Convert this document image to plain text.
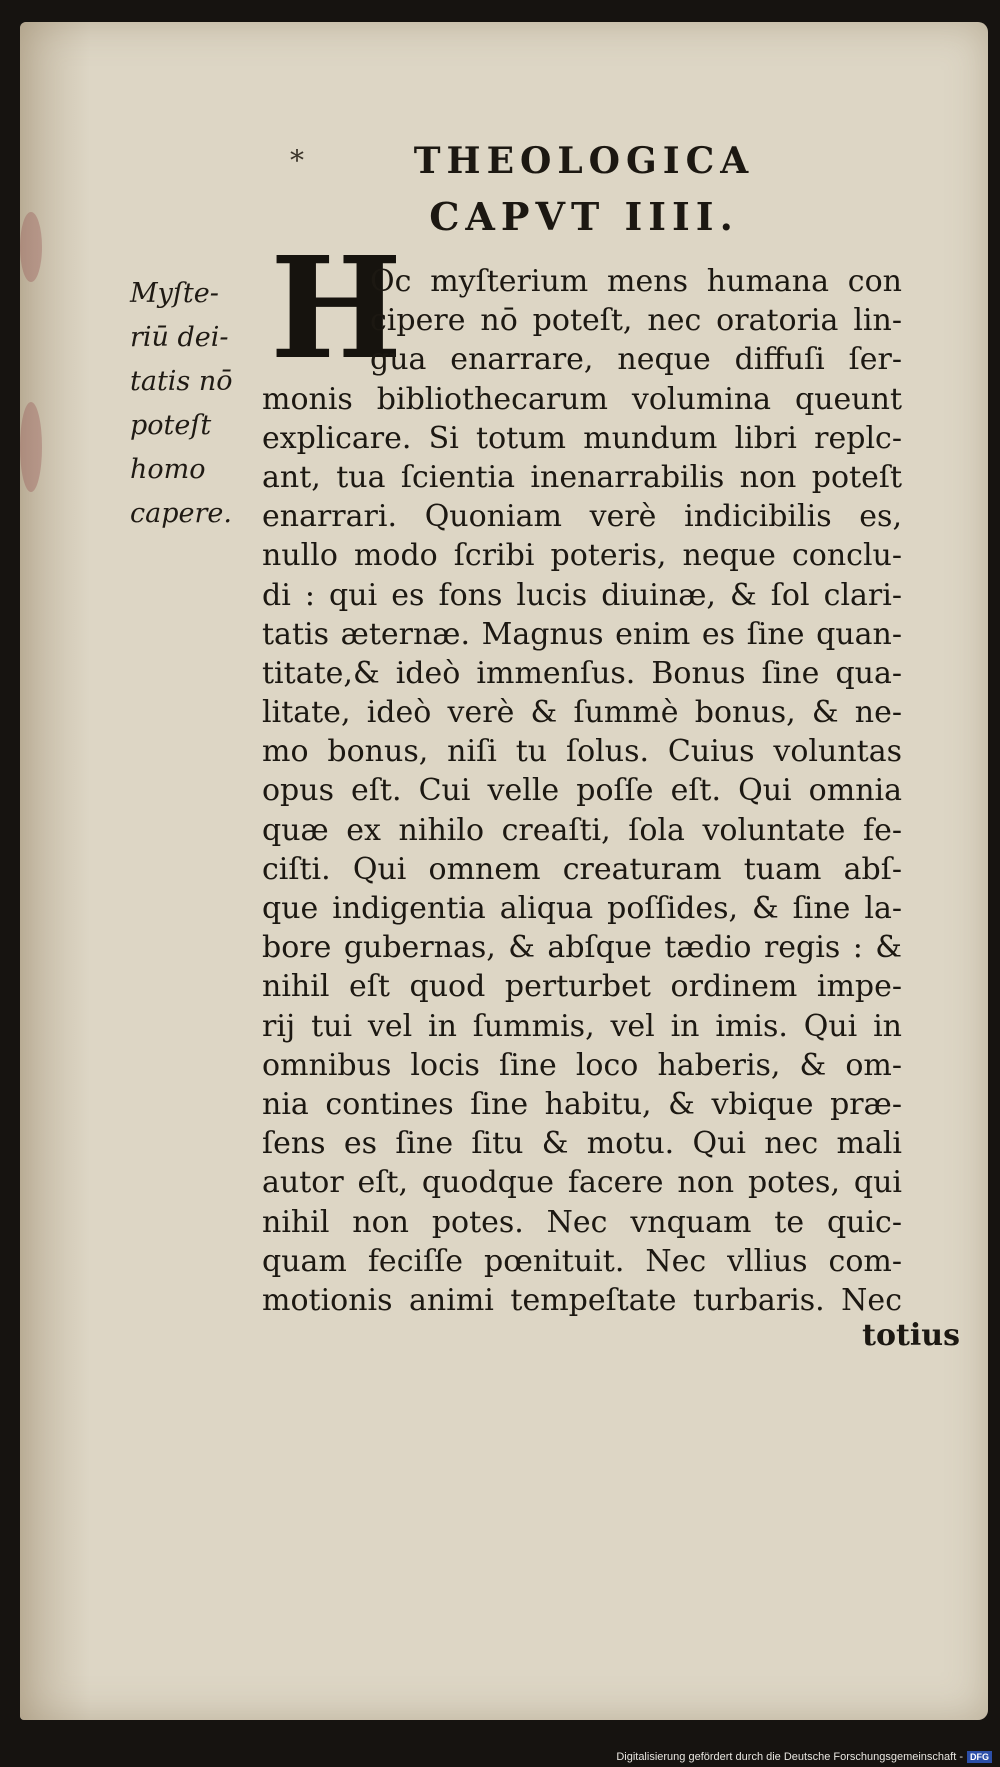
*	THEOLOGICA
CAPVT IIII.
Myſte-
riū dei-
tatis nō
poteſt
homo
capere.
H
Oc myſterium mens humana con
cipere nō poteſt, nec oratoria lin-
gua enarrare, neque diffuſi ſer-
monis bibliothecarum volumina queunt
explicare. Si totum mundum libri replc-
ant, tua ſcientia inenarrabilis non poteſt
enarrari. Quoniam verè indicibilis es,
nullo modo ſcribi poteris, neque conclu-
di : qui es fons lucis diuinæ, & ſol clari-
tatis æternæ. Magnus enim es ſine quan-
titate,& ideò immenſus. Bonus ſine qua-
litate, ideò verè & ſummè bonus, & ne-
mo bonus, niſi tu ſolus. Cuius voluntas
opus eſt. Cui velle poſſe eſt. Qui omnia
quæ ex nihilo creaſti, ſola voluntate fe-
ciſti. Qui omnem creaturam tuam abſ-
que indigentia aliqua poſſides, & ſine la-
bore gubernas, & abſque tædio regis : &
nihil eſt quod perturbet ordinem impe-
rij tui vel in ſummis, vel in imis. Qui in
omnibus locis ſine loco haberis, & om-
nia contines ſine habitu, & vbique præ-
ſens es ſine ſitu & motu. Qui nec mali
autor eſt, quodque facere non potes, qui
nihil non potes. Nec vnquam te quic-
quam feciſſe pœnituit. Nec vllius com-
motionis animi tempeſtate turbaris. Nec
totius
Digitalisierung gefördert durch die Deutsche Forschungsgemeinschaft - DFG
